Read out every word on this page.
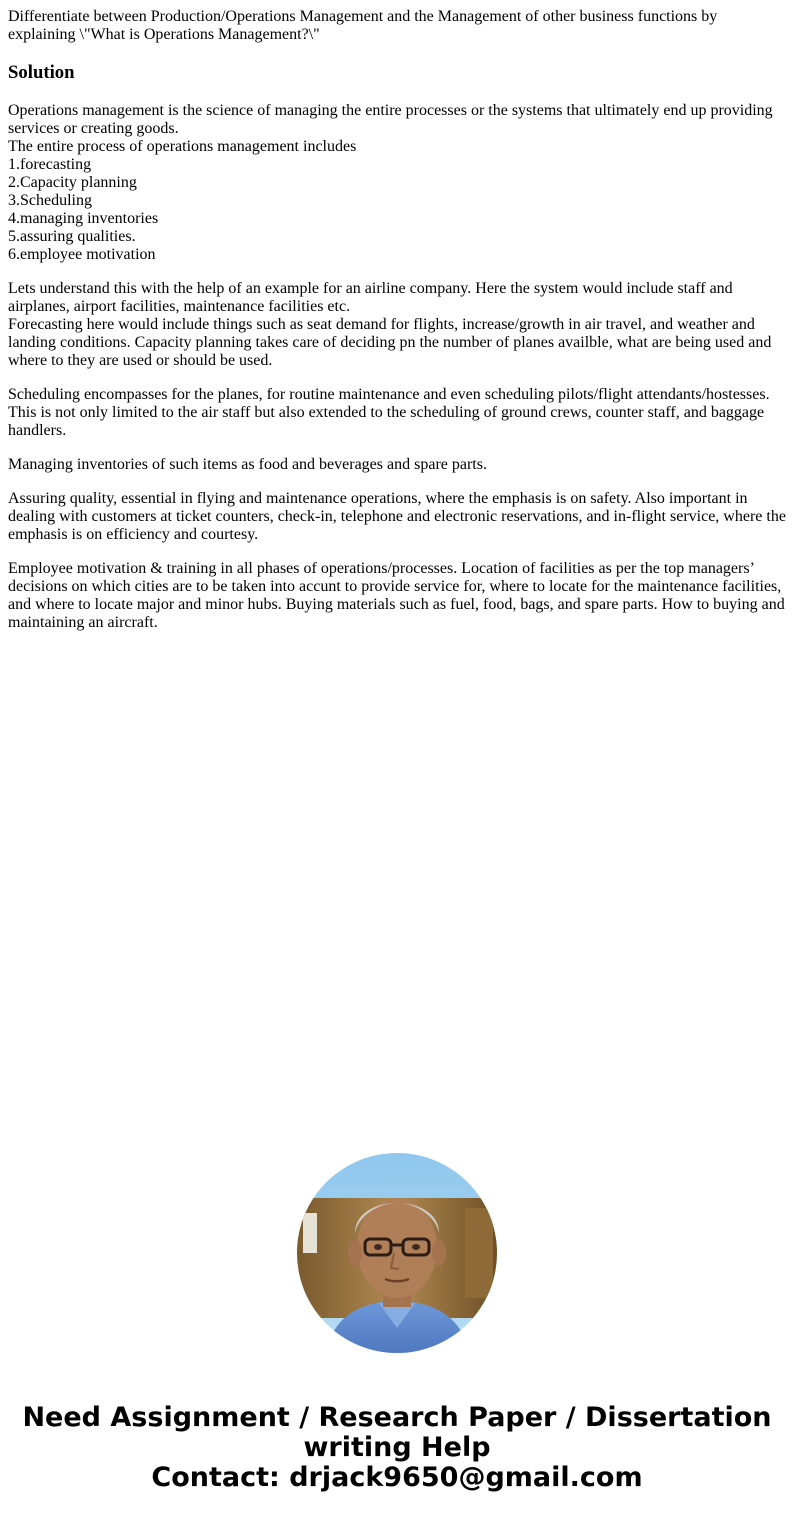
Differentiate between Production/Operations Management and the Management of other business functions by explaining \"What is Operations Management?\"
Solution
Operations management is the science of managing the entire processes or the systems that ultimately end up providing services or creating goods.
The entire process of operations management includes
1.forecasting
2.Capacity planning
3.Scheduling
4.managing inventories
5.assuring qualities.
6.employee motivation
Lets understand this with the help of an example for an airline company. Here the system would include staff and airplanes, airport facilities, maintenance facilities etc.
Forecasting here would include things such as seat demand for flights, increase/growth in air travel, and weather and landing conditions. Capacity planning takes care of deciding pn the number of planes availble, what are being used and where to they are used or should be used.
Scheduling encompasses for the planes, for routine maintenance and even scheduling pilots/flight attendants/hostesses. This is not only limited to the air staff but also extended to the scheduling of ground crews, counter staff, and baggage handlers.
Managing inventories of such items as food and beverages and spare parts.
Assuring quality, essential in flying and maintenance operations, where the emphasis is on safety. Also important in dealing with customers at ticket counters, check-in, telephone and electronic reservations, and in-flight service, where the emphasis is on efficiency and courtesy.
Employee motivation & training in all phases of operations/processes. Location of facilities as per the top managers’ decisions on which cities are to be taken into accunt to provide service for, where to locate for the maintenance facilities, and where to locate major and minor hubs. Buying materials such as fuel, food, bags, and spare parts. How to buying and maintaining an aircraft.
Need Assignment / Research Paper / Dissertation
writing Help
Contact: drjack9650@gmail.com
